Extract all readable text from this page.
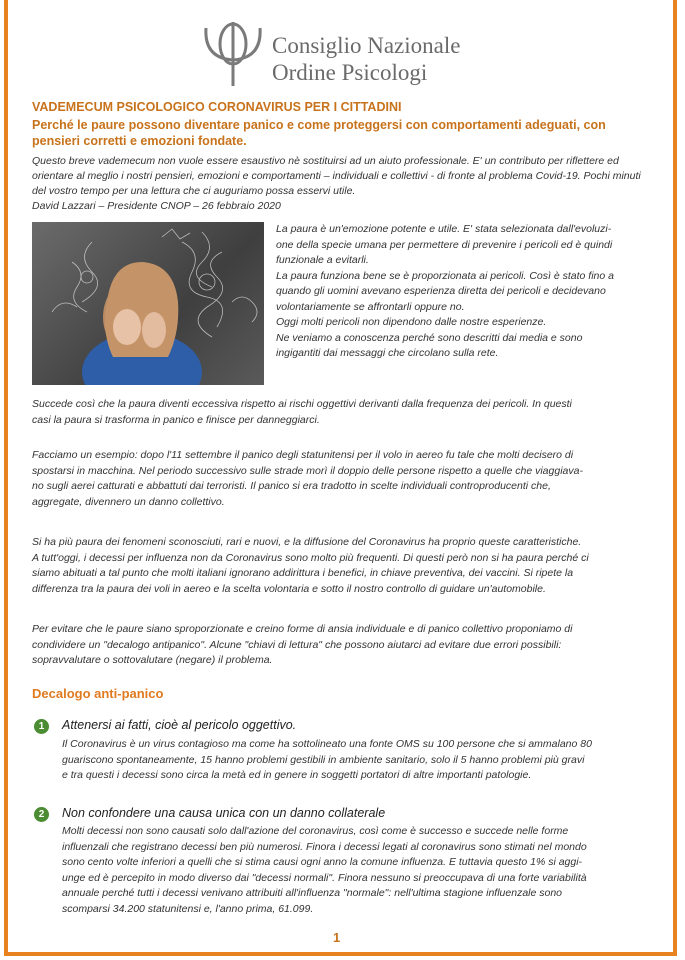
Consiglio Nazionale
Ordine Psicologi
VADEMECUM PSICOLOGICO CORONAVIRUS PER I CITTADINI
Perché le paure possono diventare panico e come proteggersi con comportamenti adeguati, con pensieri corretti e emozioni fondate.
Questo breve vademecum non vuole essere esaustivo nè sostituirsi ad un aiuto professionale. E' un contributo per riflettere ed
orientare al meglio i nostri pensieri, emozioni e comportamenti – individuali e collettivi - di fronte al problema Covid-19. Pochi minuti
del vostro tempo per una lettura che ci auguriamo possa esservi utile.
David Lazzari – Presidente CNOP – 26 febbraio 2020

La paura è un'emozione potente e utile. E' stata selezionata dall'evoluzi-

one della specie umana per permettere di prevenire i pericoli ed è quindi

funzionale a evitarli.

La paura funziona bene se è proporzionata ai pericoli. Così è stato fino a

quando gli uomini avevano esperienza diretta dei pericoli e decidevano

volontariamente se affrontarli oppure no.

Oggi molti pericoli non dipendono dalle nostre esperienze.

Ne veniamo a conoscenza perché sono descritti dai media e sono

ingigantiti dai messaggi che circolano sulla rete.

Succede così che la paura diventi eccessiva rispetto ai rischi oggettivi derivanti dalla frequenza dei pericoli. In questi

casi la paura si trasforma in panico e finisce per danneggiarci.

Facciamo un esempio: dopo l'11 settembre il panico degli statunitensi per il volo in aereo fu tale che molti decisero di

spostarsi in macchina. Nel periodo successivo sulle strade morì il doppio delle persone rispetto a quelle che viaggiava-

no sugli aerei catturati e abbattuti dai terroristi. Il panico si era tradotto in scelte individuali controproducenti che,

aggregate, divennero un danno collettivo.

Si ha più paura dei fenomeni sconosciuti, rari e nuovi, e la diffusione del Coronavirus ha proprio queste caratteristiche.

A tutt'oggi, i decessi per influenza non da Coronavirus sono molto più frequenti. Di questi però non si ha paura perché ci

siamo abituati a tal punto che molti italiani ignorano addirittura i benefici, in chiave preventiva, dei vaccini. Si ripete la

differenza tra la paura dei voli in aereo e la scelta volontaria e sotto il nostro controllo di guidare un'automobile.

Per evitare che le paure siano sproporzionate e creino forme di ansia individuale e di panico collettivo proponiamo di

condividere un "decalogo antipanico". Alcune "chiavi di lettura" che possono aiutarci ad evitare due errori possibili:

sopravvalutare o sottovalutare (negare) il problema.

Decalogo anti-panico
1	Attenersi ai fatti, cioè al pericolo oggettivo.

Il Coronavirus è un virus contagioso ma come ha sottolineato una fonte OMS su 100 persone che si ammalano 80

guariscono spontaneamente, 15 hanno problemi gestibili in ambiente sanitario, solo il 5 hanno problemi più gravi

e tra questi i decessi sono circa la metà ed in genere in soggetti portatori di altre importanti patologie.

2	Non confondere una causa unica con un danno collaterale

Molti decessi non sono causati solo dall'azione del coronavirus, così come è successo e succede nelle forme

influenzali che registrano decessi ben più numerosi. Finora i decessi legati al coronavirus sono stimati nel mondo

sono cento volte inferiori a quelli che si stima causi ogni anno la comune influenza. E tuttavia questo 1% si aggi-

unge ed è percepito in modo diverso dai "decessi normali". Finora nessuno si preoccupava di una forte variabilità

annuale perché tutti i decessi venivano attribuiti all'influenza "normale": nell'ultima stagione influenzale sono

scomparsi 34.200 statunitensi e, l'anno prima, 61.099.

1
